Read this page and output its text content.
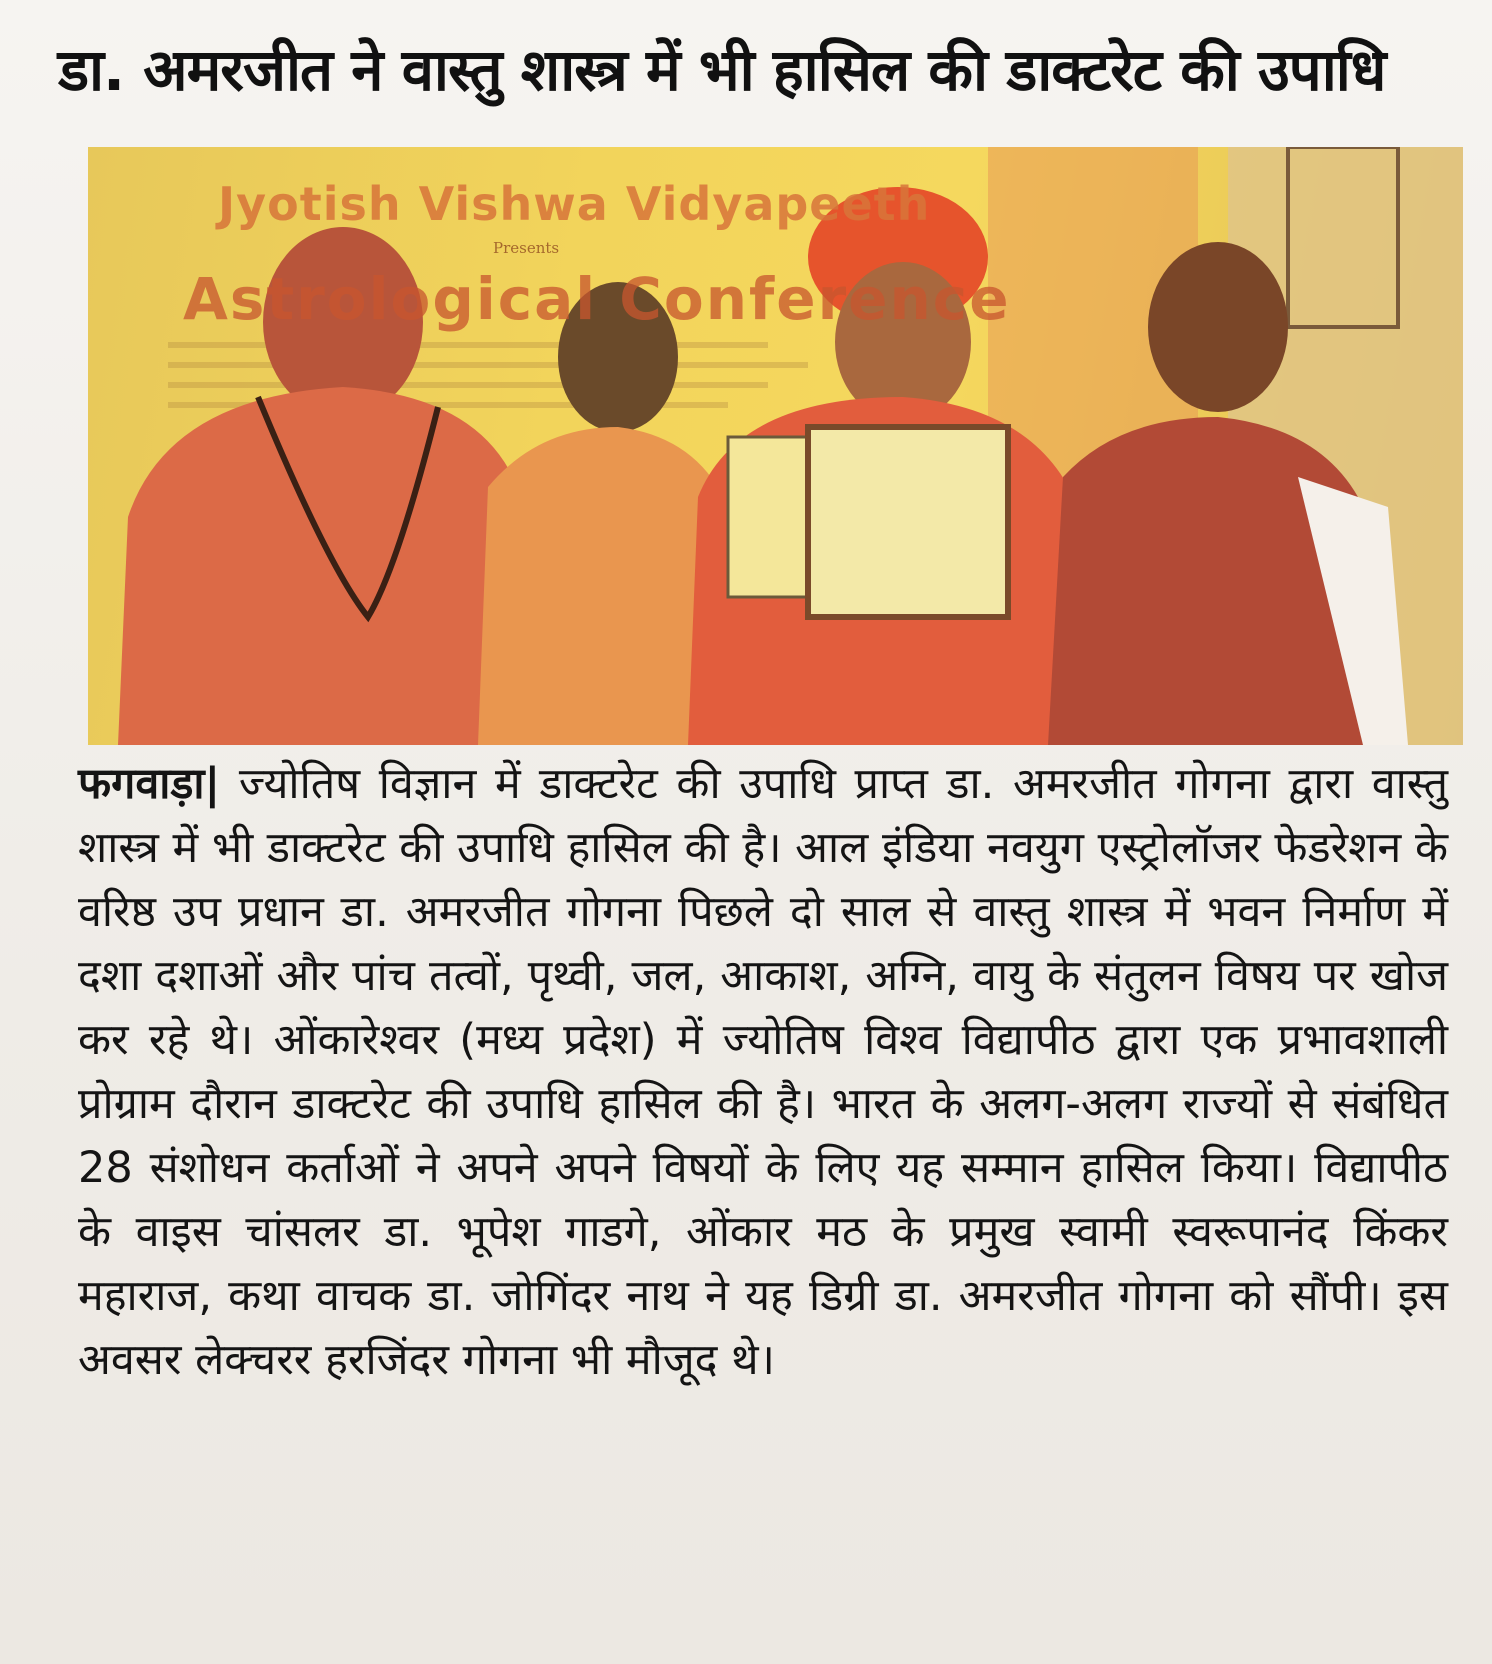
डा. अमरजीत ने वास्तु शास्त्र में भी हासिल की डाक्टरेट की उपाधि
Jyotish Vishwa Vidyapeeth
Presents
Astrological Conference
फगवाड़ा| ज्योतिष विज्ञान में डाक्टरेट की उपाधि प्राप्त डा. अमरजीत गोगना द्वारा वास्तु शास्त्र में भी डाक्टरेट की उपाधि हासिल की है। आल इंडिया नवयुग एस्ट्रोलॉजर फेडरेशन के वरिष्ठ उप प्रधान डा. अमरजीत गोगना पिछले दो साल से वास्तु शास्त्र में भवन निर्माण में दशा दशाओं और पांच तत्वों, पृथ्वी, जल, आकाश, अग्नि, वायु के संतुलन विषय पर खोज कर रहे थे। ओंकारेश्वर (मध्य प्रदेश) में ज्योतिष विश्व विद्यापीठ द्वारा एक प्रभावशाली प्रोग्राम दौरान डाक्टरेट की उपाधि हासिल की है। भारत के अलग-अलग राज्यों से संबंधित 28 संशोधन कर्ताओं ने अपने अपने विषयों के लिए यह सम्मान हासिल किया। विद्यापीठ के वाइस चांसलर डा. भूपेश गाडगे, ओंकार मठ के प्रमुख स्वामी स्वरूपानंद किंकर महाराज, कथा वाचक डा. जोगिंदर नाथ ने यह डिग्री डा. अमरजीत गोगना को सौंपी। इस अवसर लेक्चरर हरजिंदर गोगना भी मौजूद थे।
